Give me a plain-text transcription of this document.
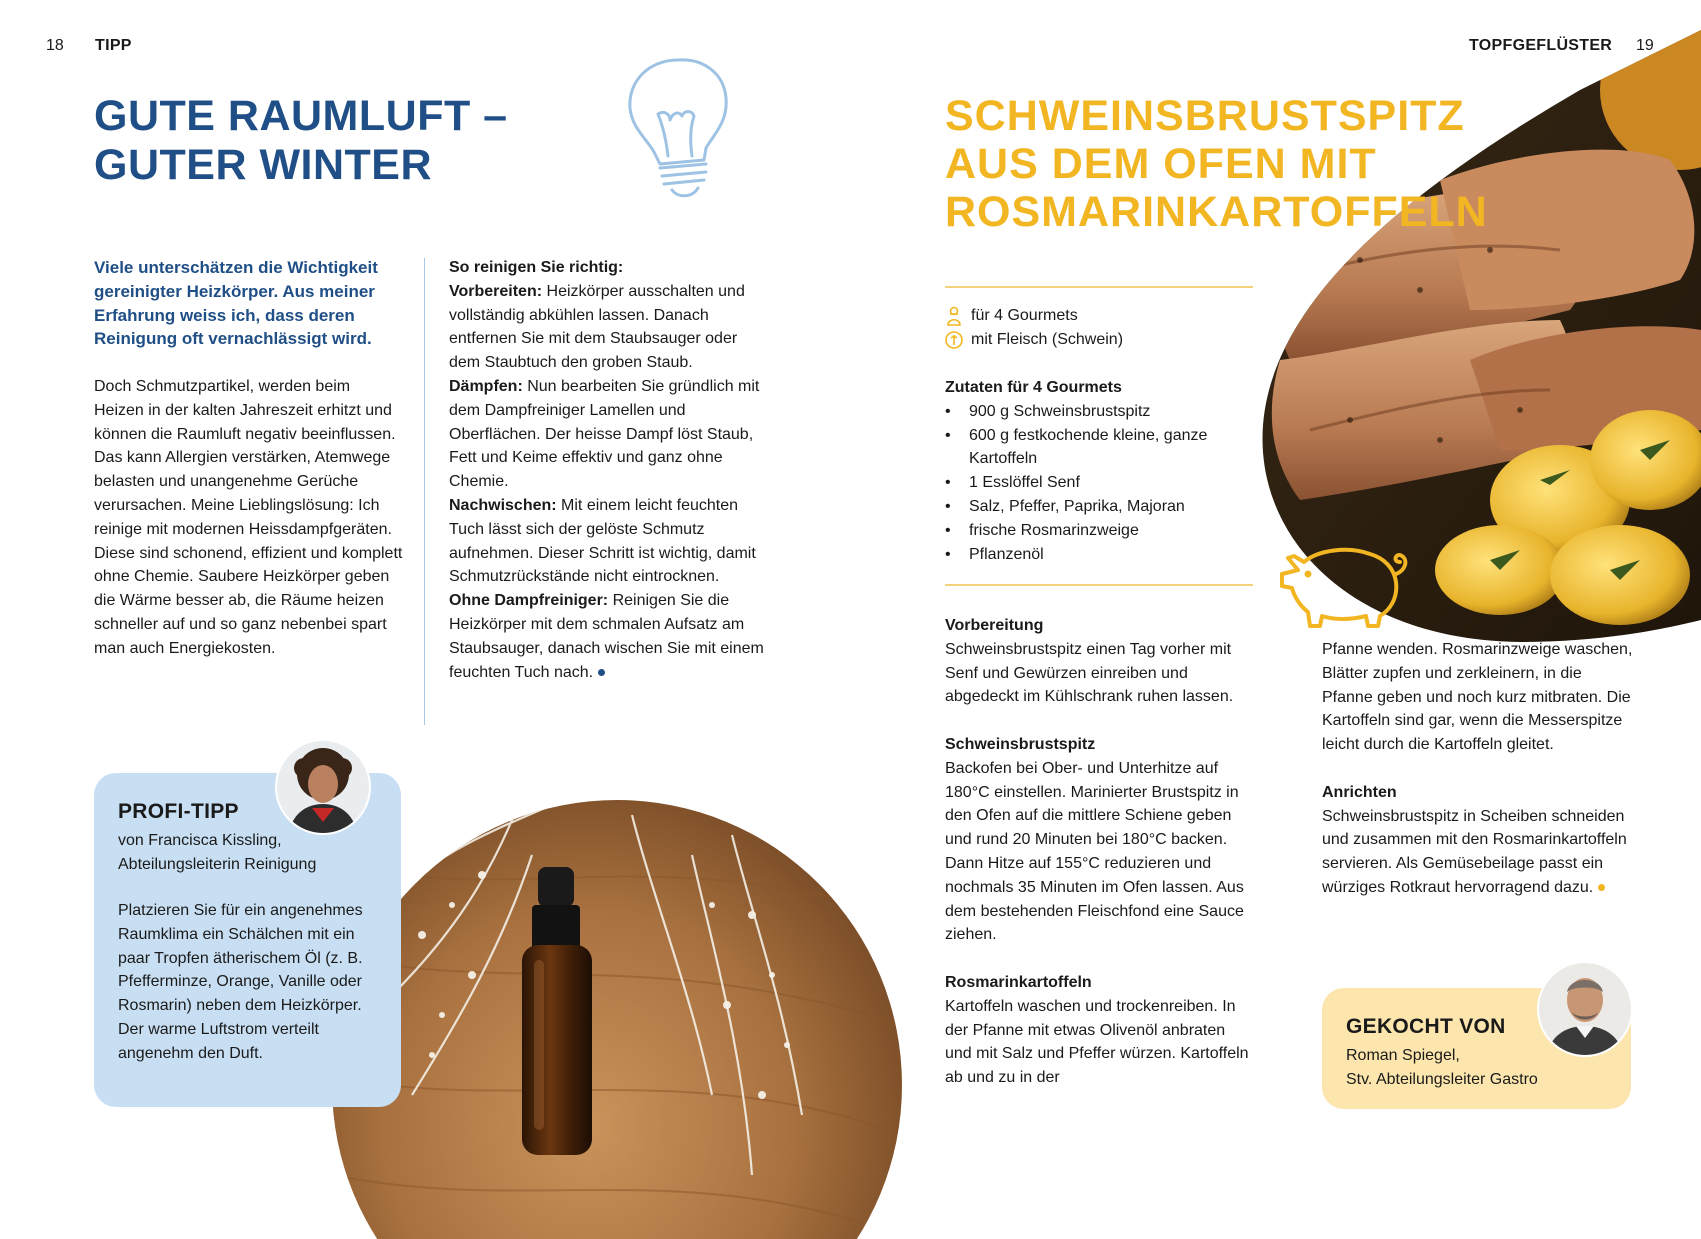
18 TIPP
GUTE RAUMLUFT –
GUTER WINTER
Viele unterschätzen die Wichtigkeit gereinigter Heizkörper. Aus meiner Erfahrung weiss ich, dass deren Reinigung oft vernachlässigt wird.
Doch Schmutzpartikel, werden beim Heizen in der kalten Jahreszeit erhitzt und können die Raumluft negativ beeinflussen. Das kann Allergien verstärken, Atemwege belasten und unangenehme Gerüche verursachen. Meine Lieblingslösung: Ich reinige mit modernen Heissdampfgeräten. Diese sind schonend, effizient und komplett ohne Chemie. Saubere Heizkörper geben die Wärme besser ab, die Räume heizen schneller auf und so ganz nebenbei spart man auch Energiekosten.
So reinigen Sie richtig:
Vorbereiten: Heizkörper ausschalten und vollständig abkühlen lassen. Danach entfernen Sie mit dem Staubsauger oder dem Staubtuch den groben Staub.
Dämpfen: Nun bearbeiten Sie gründlich mit dem Dampfreiniger Lamellen und Oberflächen. Der heisse Dampf löst Staub, Fett und Keime effektiv und ganz ohne Chemie.
Nachwischen: Mit einem leicht feuchten Tuch lässt sich der gelöste Schmutz aufnehmen. Dieser Schritt ist wichtig, damit Schmutzrückstände nicht eintrocknen.
Ohne Dampfreiniger: Reinigen Sie die Heizkörper mit dem schmalen Aufsatz am Staubsauger, danach wischen Sie mit einem feuchten Tuch nach.
PROFI-TIPP
von Francisca Kissling,
Abteilungsleiterin Reinigung
Platzieren Sie für ein angenehmes Raumklima ein Schälchen mit ein paar Tropfen ätherischem Öl (z. B. Pfefferminze, Orange, Vanille oder Rosmarin) neben dem Heizkörper. Der warme Luftstrom verteilt angenehm den Duft.
TOPFGEFLÜSTER 19
SCHWEINSBRUSTSPITZ
AUS DEM OFEN MIT
ROSMARINKARTOFFELN
für 4 Gourmets
mit Fleisch (Schwein)
Zutaten für 4 Gourmets
• 900 g Schweinsbrustspitz
• 600 g festkochende kleine, ganze Kartoffeln
• 1 Esslöffel Senf
• Salz, Pfeffer, Paprika, Majoran
• frische Rosmarinzweige
• Pflanzenöl
Vorbereitung
Schweinsbrustspitz einen Tag vorher mit Senf und Gewürzen einreiben und abgedeckt im Kühlschrank ruhen lassen.
Schweinsbrustspitz
Backofen bei Ober- und Unterhitze auf 180°C einstellen. Marinierter Brustspitz in den Ofen auf die mittlere Schiene geben und rund 20 Minuten bei 180°C backen. Dann Hitze auf 155°C reduzieren und nochmals 35 Minuten im Ofen lassen. Aus dem bestehenden Fleischfond eine Sauce ziehen.
Rosmarinkartoffeln
Kartoffeln waschen und trockenreiben. In der Pfanne mit etwas Olivenöl anbraten und mit Salz und Pfeffer würzen. Kartoffeln ab und zu in der
Pfanne wenden. Rosmarinzweige waschen, Blätter zupfen und zerkleinern, in die Pfanne geben und noch kurz mitbraten. Die Kartoffeln sind gar, wenn die Messerspitze leicht durch die Kartoffeln gleitet.
Anrichten
Schweinsbrustspitz in Scheiben schneiden und zusammen mit den Rosmarinkartoffeln servieren. Als Gemüsebeilage passt ein würziges Rotkraut hervorragend dazu.
GEKOCHT VON
Roman Spiegel,
Stv. Abteilungsleiter Gastro
